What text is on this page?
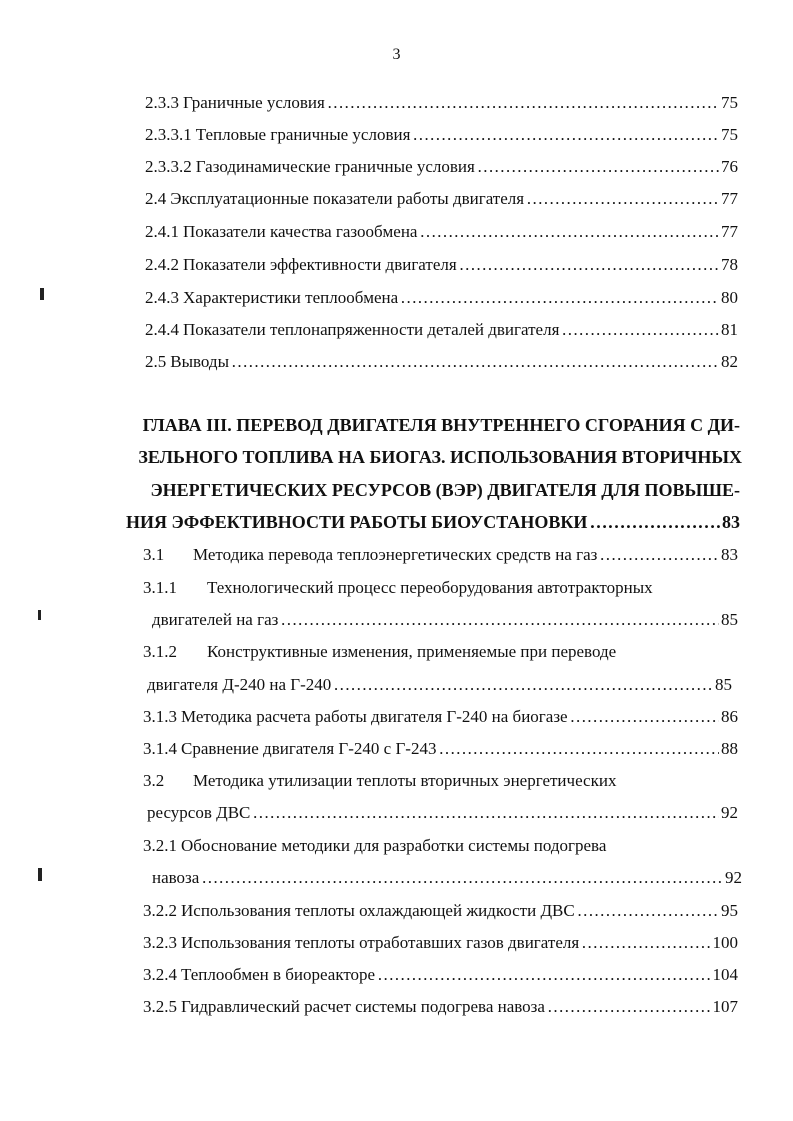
3
2.3.3 Граничные условия ……………………………………………………………………………………………………………………………………	75
2.3.3.1 Тепловые граничные условия ……………………………………………………………………………………………………………………………………	75
2.3.3.2 Газодинамические граничные условия ……………………………………………………………………………………………………………………………………	76
2.4 Эксплуатационные показатели работы двигателя ……………………………………………………………………………………………………………………………………	77
2.4.1 Показатели качества газообмена ……………………………………………………………………………………………………………………………………	77
2.4.2 Показатели эффективности двигателя ……………………………………………………………………………………………………………………………………	78
2.4.3 Характеристики теплообмена ……………………………………………………………………………………………………………………………………	80
2.4.4 Показатели теплонапряженности деталей двигателя ……………………………………………………………………………………………………………………………………	81
2.5 Выводы ……………………………………………………………………………………………………………………………………	82
ГЛАВА III. ПЕРЕВОД ДВИГАТЕЛЯ ВНУТРЕННЕГО СГОРАНИЯ С ДИ-
ЗЕЛЬНОГО ТОПЛИВА НА БИОГАЗ. ИСПОЛЬЗОВАНИЯ ВТОРИЧНЫХ
ЭНЕРГЕТИЧЕСКИХ РЕСУРСОВ (ВЭР) ДВИГАТЕЛЯ ДЛЯ ПОВЫШЕ-
НИЯ ЭФФЕКТИВНОСТИ РАБОТЫ БИОУСТАНОВКИ ……………………………………………………………………………………………………………………………………	83
3.1	Методика перевода теплоэнергетических средств на газ ……………………………………………………………………………………………………………………………………	83
3.1.1	Технологический процесс переоборудования автотракторных
двигателей на газ ……………………………………………………………………………………………………………………………………	85
3.1.2	Конструктивные изменения, применяемые при переводе
двигателя Д-240 на Г-240 ……………………………………………………………………………………………………………………………………	85
3.1.3 Методика расчета работы двигателя Г-240 на биогазе ……………………………………………………………………………………………………………………………………	86
3.1.4 Сравнение двигателя Г-240 с Г-243 ……………………………………………………………………………………………………………………………………	88
3.2	Методика утилизации теплоты вторичных энергетических
ресурсов ДВС ……………………………………………………………………………………………………………………………………	92
3.2.1 Обоснование методики для разработки системы подогрева
навоза ……………………………………………………………………………………………………………………………………	92
3.2.2 Использования теплоты охлаждающей жидкости ДВС ……………………………………………………………………………………………………………………………………	95
3.2.3 Использования теплоты отработавших газов двигателя ……………………………………………………………………………………………………………………………………	100
3.2.4 Теплообмен в биореакторе ……………………………………………………………………………………………………………………………………	104
3.2.5 Гидравлический расчет системы подогрева навоза ……………………………………………………………………………………………………………………………………	107
